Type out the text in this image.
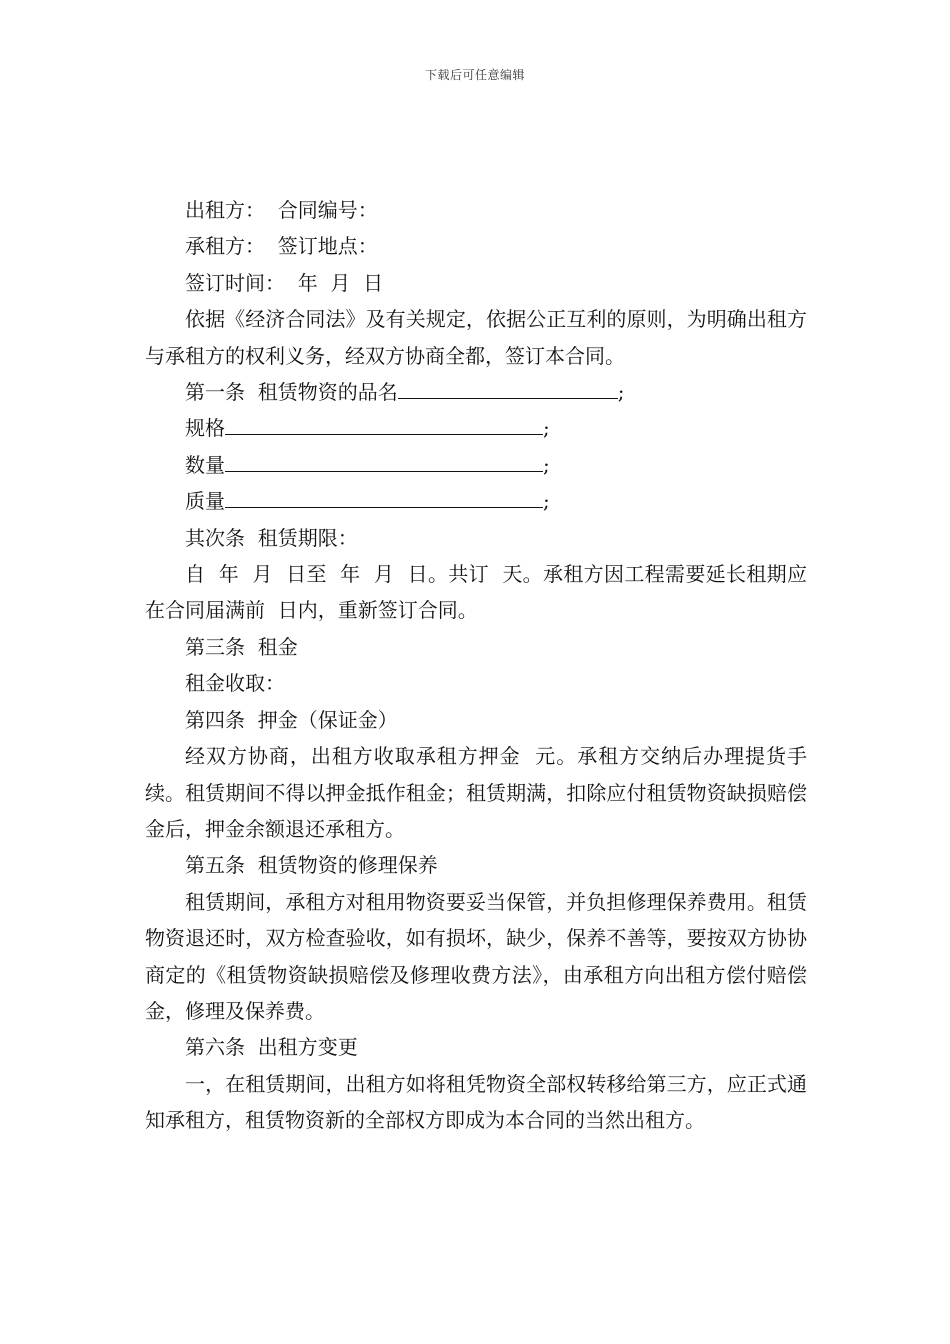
下载后可任意编辑

出租方：  合同编号：

承租方：  签订地点：

签订时间：  年  月  日

依据《经济合同法》及有关规定，依据公正互利的原则，为明确出租方与承租方的权利义务，经双方协商全都，签订本合同。

第一条  租赁物资的品名	;

规格	;

数量	;

质量	;

其次条  租赁期限：

自  年  月  日至  年  月  日。共订  天。承租方因工程需要延长租期应在合同届满前  日内，重新签订合同。

第三条  租金

租金收取：

第四条  押金（保证金）

经双方协商，出租方收取承租方押金  元。承租方交纳后办理提货手续。租赁期间不得以押金抵作租金；租赁期满，扣除应付租赁物资缺损赔偿金后，押金余额退还承租方。

第五条  租赁物资的修理保养

租赁期间，承租方对租用物资要妥当保管，并负担修理保养费用。租赁物资退还时，双方检查验收，如有损坏，缺少，保养不善等，要按双方协协商定的《租赁物资缺损赔偿及修理收费方法》，由承租方向出租方偿付赔偿金，修理及保养费。

第六条  出租方变更

一，在租赁期间，出租方如将租凭物资全部权转移给第三方，应正式通知承租方，租赁物资新的全部权方即成为本合同的当然出租方。
